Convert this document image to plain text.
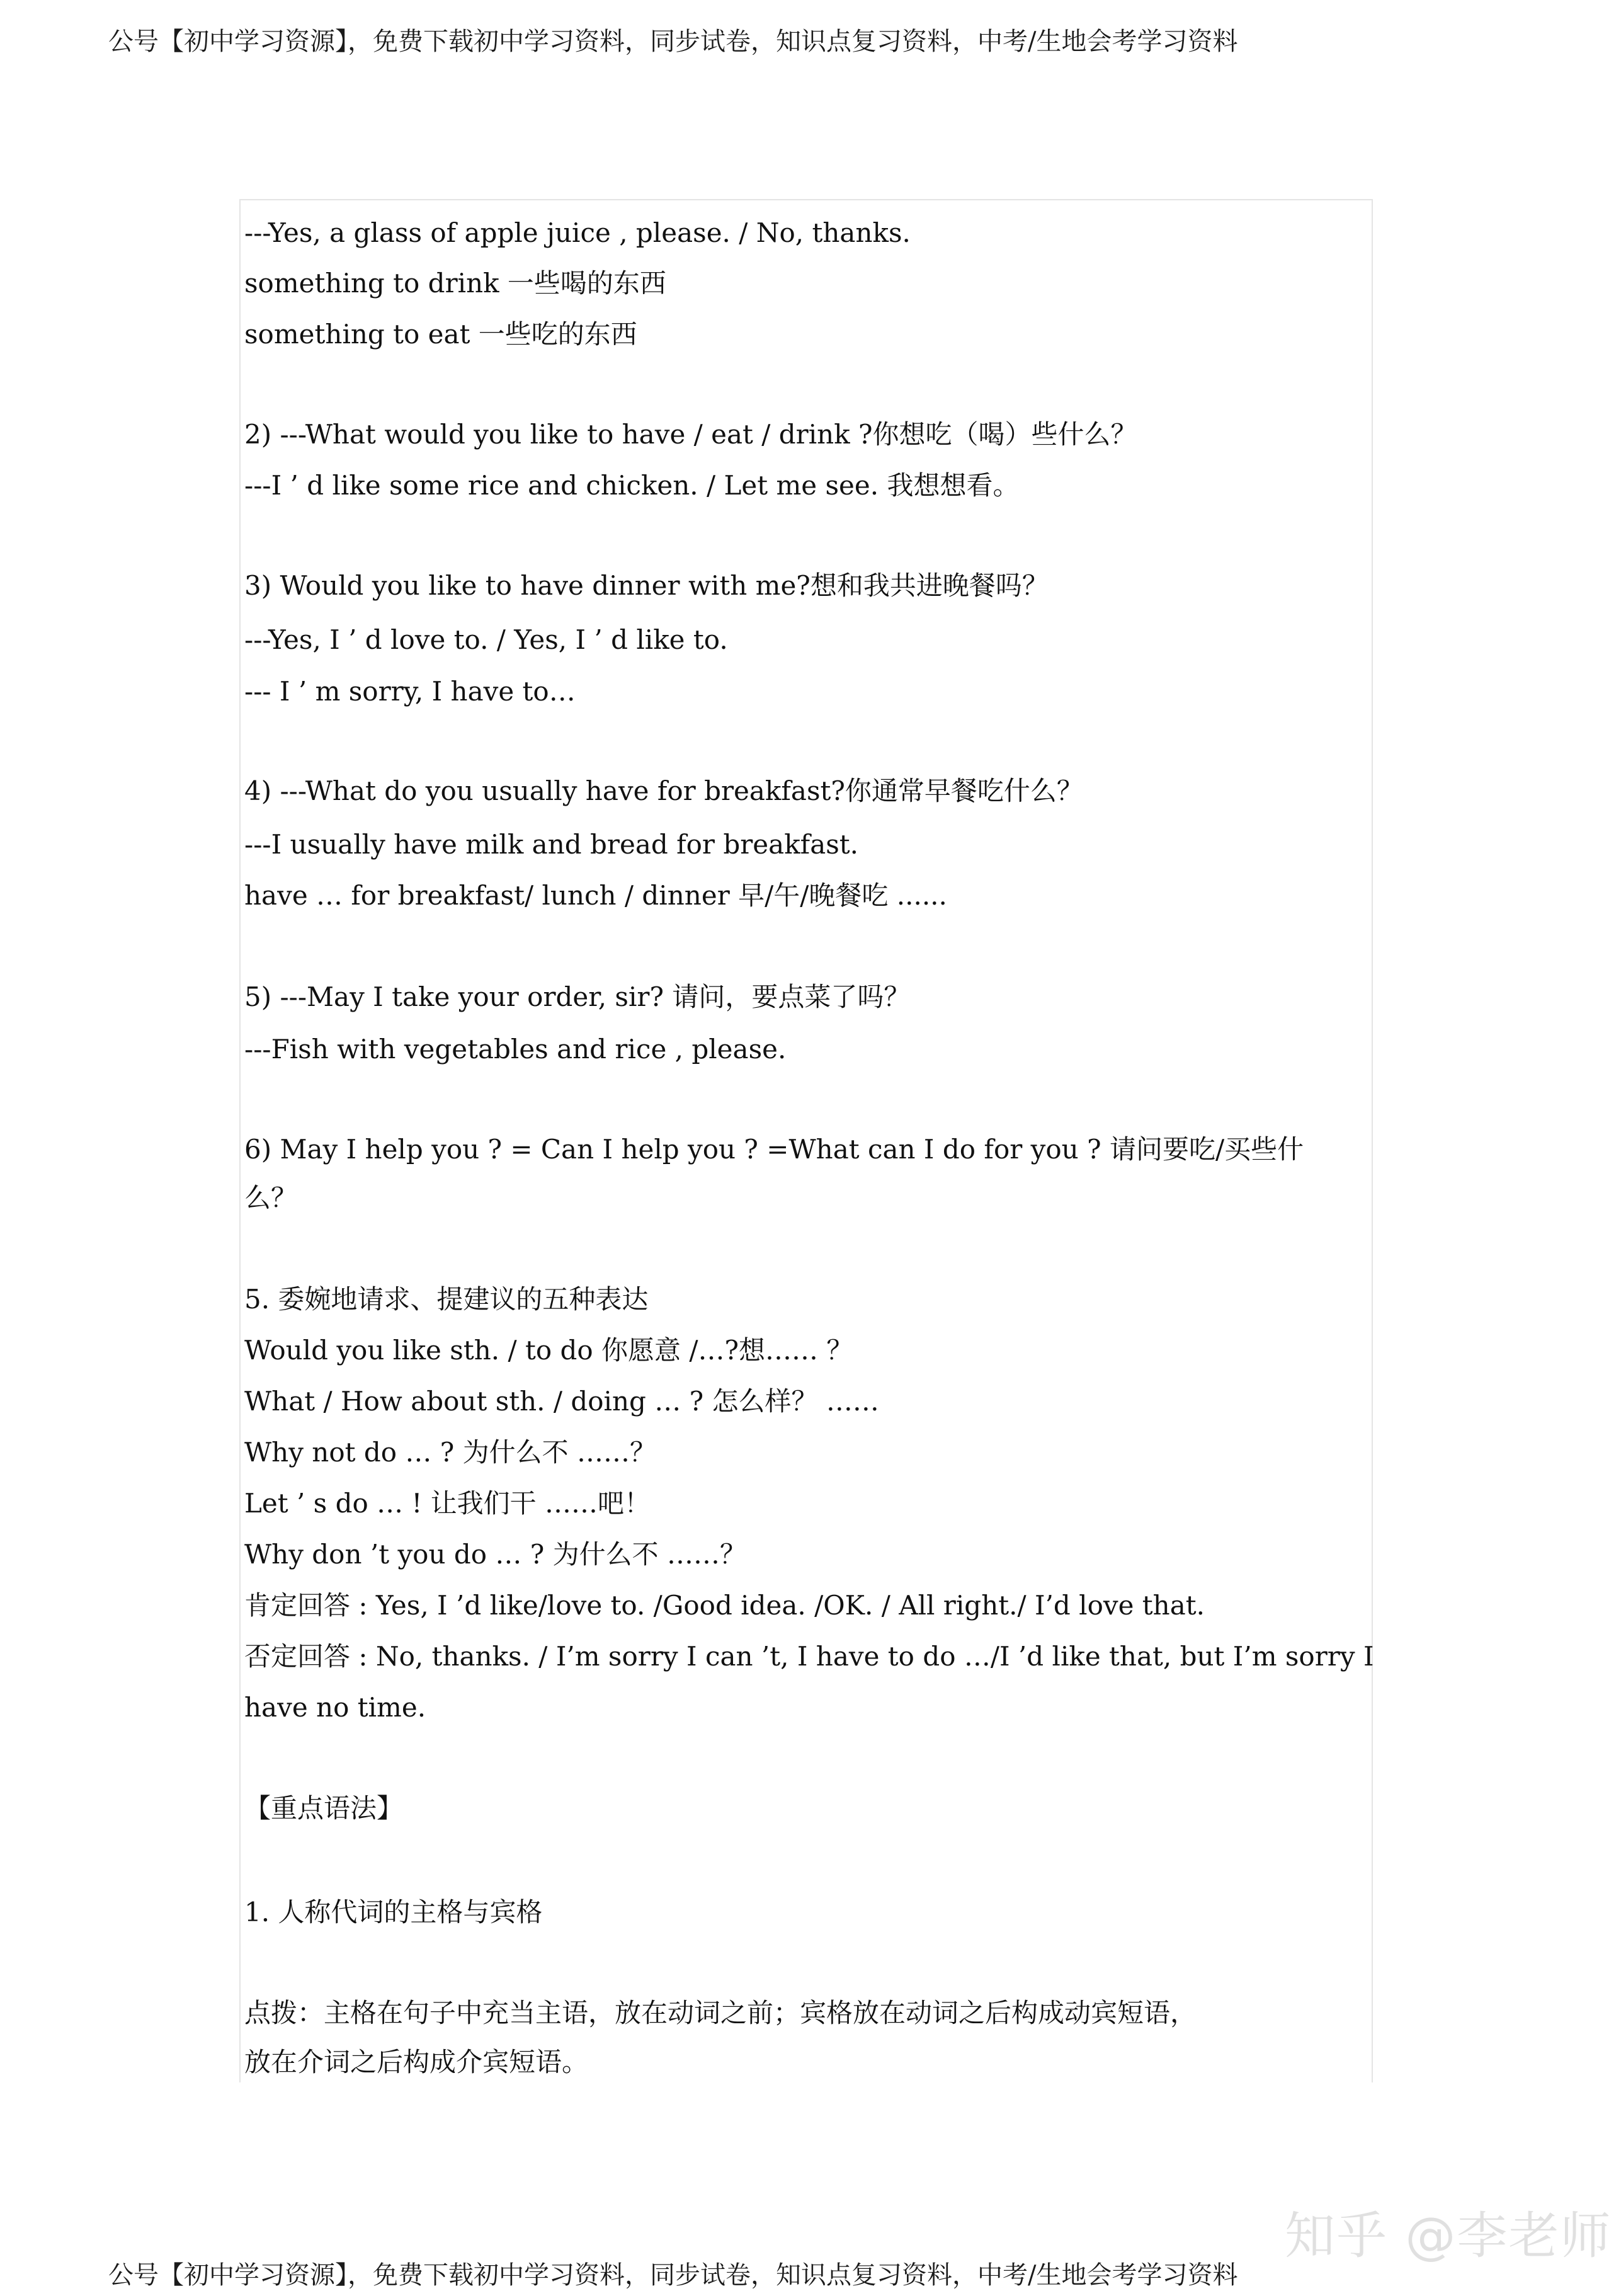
公号【初中学习资源】，免费下载初中学习资料，同步试卷，知识点复习资料，中考/生地会考学习资料
---Yes, a glass of apple juice , please. / No, thanks.
something to drink 一些喝的东西
something to eat 一些吃的东西
2) ---What would you like to have / eat / drink ?你想吃（喝）些什么？
---I ’ d like some rice and chicken. / Let me see. 我想想看。
3) Would you like to have dinner with me?想和我共进晚餐吗？
---Yes, I ’ d love to. / Yes, I ’ d like to.
--- I ’ m sorry, I have to…
4) ---What do you usually have for breakfast?你通常早餐吃什么？
---I usually have milk and bread for breakfast.
have … for breakfast/ lunch / dinner 早/午/晚餐吃 ......
5) ---May I take your order, sir? 请问，要点菜了吗？
---Fish with vegetables and rice , please.
6) May I help you ? = Can I help you ? =What can I do for you ? 请问要吃/买些什
么？
5. 委婉地请求、提建议的五种表达
Would you like sth. / to do 你愿意 /…?想…… ？
What / How about sth. / doing … ? 怎么样？ ……
Why not do … ? 为什么不 ……？
Let ’ s do … ! 让我们干 ……吧！
Why don ’t you do … ? 为什么不 ……？
肯定回答 : Yes, I ’d like/love to. /Good idea. /OK. / All right./ I’d love that.
否定回答 : No, thanks. / I’m sorry I can ’t, I have to do …/I ’d like that, but I’m sorry I
have no time.
【重点语法】
1. 人称代词的主格与宾格
点拨：主格在句子中充当主语，放在动词之前；宾格放在动词之后构成动宾短语，
放在介词之后构成介宾短语。
知乎 @李老师
公号【初中学习资源】，免费下载初中学习资料，同步试卷，知识点复习资料，中考/生地会考学习资料
